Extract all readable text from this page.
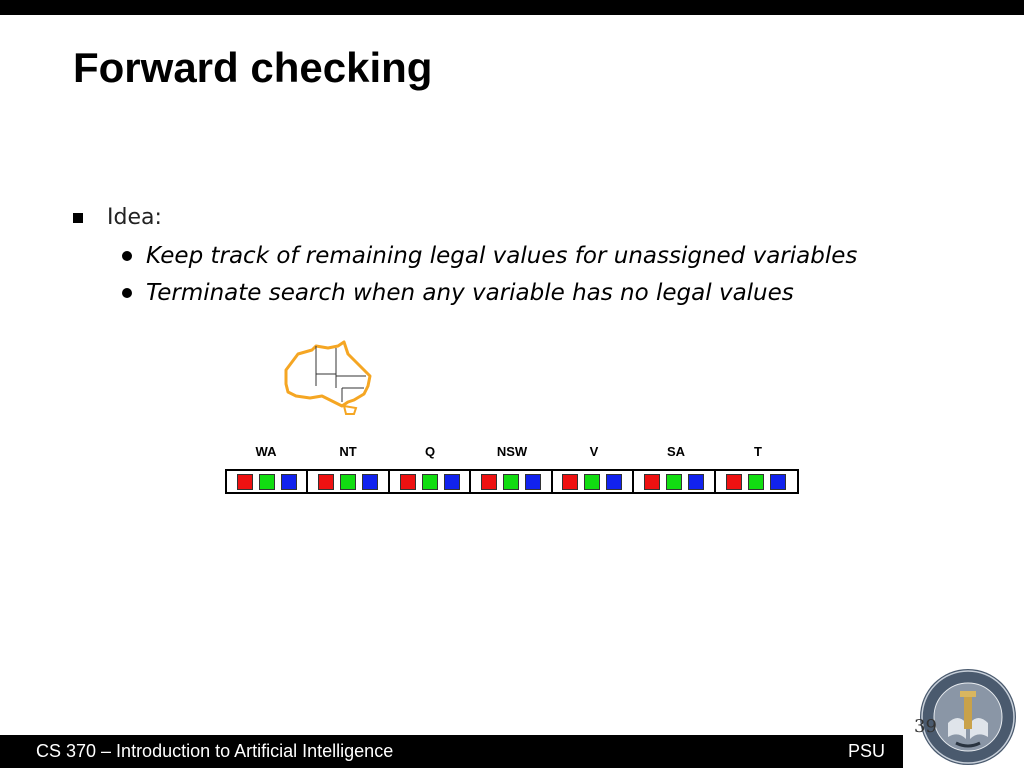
Forward checking
Idea:
Keep track of remaining legal values for unassigned variables
Terminate search when any variable has no legal values
WA	NT	Q	NSW	V	SA	T
CS 370 – Introduction to Artificial Intelligence	PSU
39
